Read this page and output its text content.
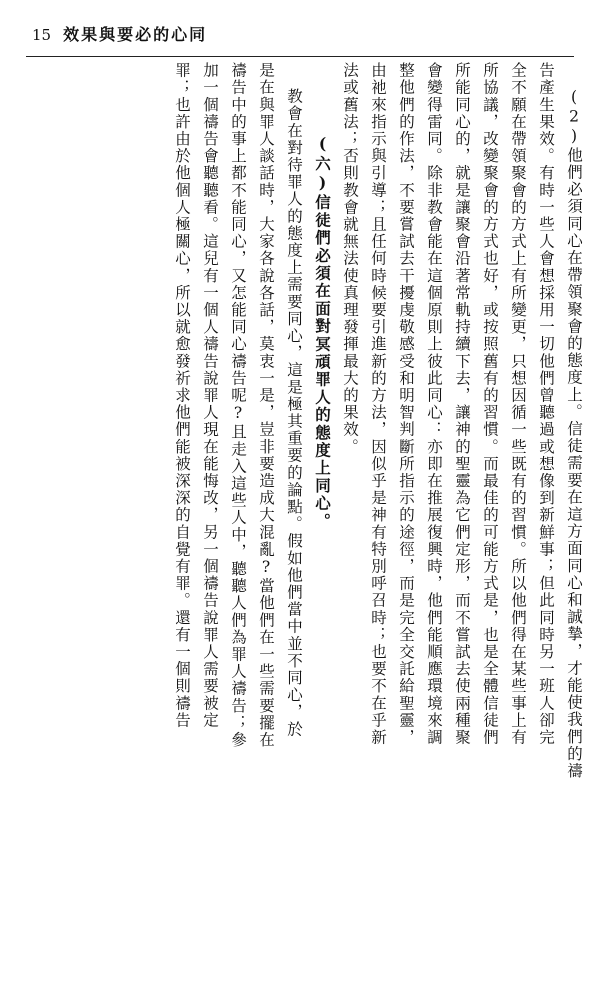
15 效果與要必的心同
(2)他們必須同心在帶領聚會的態度上。信徒需要在這方面同心和誠摯，才能使我們的禱
告產生果效。有時一些人會想採用一切他們曾聽過或想像到新鮮事；但此同時另一班人卻完
全不願在帶領聚會的方式上有所變更，只想因循一些既有的習慣。所以他們得在某些事上有
所協議，改變聚會的方式也好，或按照舊有的習慣。而最佳的可能方式是，也是全體信徒們
所能同心的，就是讓聚會沿著常軌持續下去，讓神的聖靈為它們定形，而不嘗試去使兩種聚
會變得雷同。除非教會能在這個原則上彼此同心：亦即在推展復興時，他們能順應環境來調
整他們的作法，不要嘗試去干擾虔敬感受和明智判斷所指示的途徑，而是完全交託給聖靈，
由祂來指示與引導；且任何時候要引進新的方法，因似乎是神有特別呼召時；也要不在乎新
法或舊法；否則教會就無法使真理發揮最大的果效。
(六)信徒們必須在面對冥頑罪人的態度上同心。
教會在對待罪人的態度上需要同心，這是極其重要的論點。假如他們當中並不同心，於
是在與罪人談話時，大家各說各話，莫衷一是，豈非要造成大混亂?當他們在一些需要擺在
禱告中的事上都不能同心，又怎能同心禱告呢?且走入這些人中，聽聽人們為罪人禱告；參
加一個禱告會聽聽看。這兒有一個人禱告說罪人現在能悔改，另一個禱告說罪人需要被定
罪；也許由於他個人極關心，所以就愈發祈求他們能被深深的自覺有罪。還有一個則禱告
